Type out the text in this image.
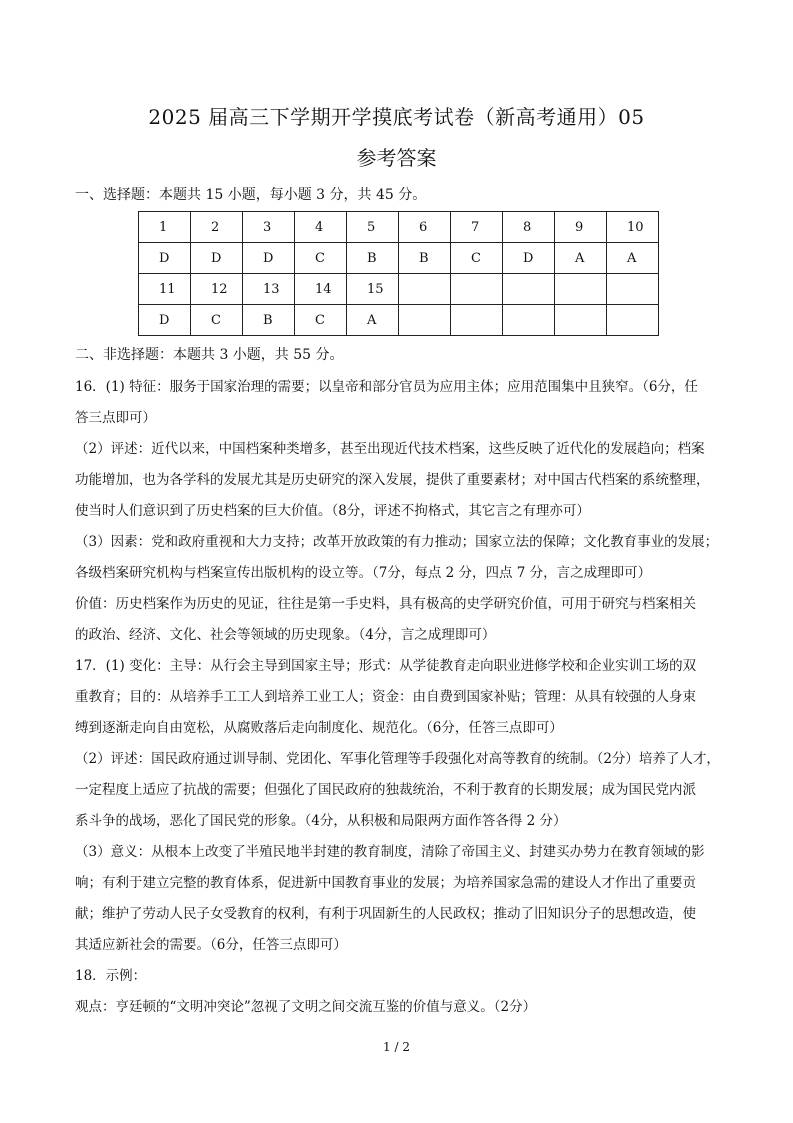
2025 届高三下学期开学摸底考试卷（新高考通用）05
参考答案
一、选择题：本题共 15 小题，每小题 3 分，共 45 分。
1	2	3	4	5	6	7	8	9	10
D	D	D	C	B	B	C	D	A	A
11	12	13	14	15					
D	C	B	C	A					
二、非选择题：本题共 3 小题，共 55 分。
16．(1) 特征：服务于国家治理的需要；以皇帝和部分官员为应用主体；应用范围集中且狭窄。（6分，任
答三点即可）
（2）评述：近代以来，中国档案种类增多，甚至出现近代技术档案，这些反映了近代化的发展趋向；档案
功能增加，也为各学科的发展尤其是历史研究的深入发展，提供了重要素材；对中国古代档案的系统整理，
使当时人们意识到了历史档案的巨大价值。（8分，评述不拘格式，其它言之有理亦可）
（3）因素：党和政府重视和大力支持；改革开放政策的有力推动；国家立法的保障；文化教育事业的发展；
各级档案研究机构与档案宣传出版机构的设立等。（7分，每点 2 分，四点 7 分，言之成理即可）
价值：历史档案作为历史的见证，往往是第一手史料，具有极高的史学研究价值，可用于研究与档案相关
的政治、经济、文化、社会等领域的历史现象。（4分，言之成理即可）
17．(1) 变化：主导：从行会主导到国家主导；形式：从学徒教育走向职业进修学校和企业实训工场的双
重教育；目的：从培养手工工人到培养工业工人；资金：由自费到国家补贴；管理：从具有较强的人身束
缚到逐渐走向自由宽松，从腐败落后走向制度化、规范化。（6分，任答三点即可）
（2）评述：国民政府通过训导制、党团化、军事化管理等手段强化对高等教育的统制。（2分）培养了人才，
一定程度上适应了抗战的需要；但强化了国民政府的独裁统治，不利于教育的长期发展；成为国民党内派
系斗争的战场，恶化了国民党的形象。（4分，从积极和局限两方面作答各得 2 分）
（3）意义：从根本上改变了半殖民地半封建的教育制度，清除了帝国主义、封建买办势力在教育领域的影
响；有利于建立完整的教育体系，促进新中国教育事业的发展；为培养国家急需的建设人才作出了重要贡
献；维护了劳动人民子女受教育的权利，有利于巩固新生的人民政权；推动了旧知识分子的思想改造，使
其适应新社会的需要。（6分，任答三点即可）
18．示例：
观点：亨廷顿的“文明冲突论”忽视了文明之间交流互鉴的价值与意义。（2分）
1 / 2
